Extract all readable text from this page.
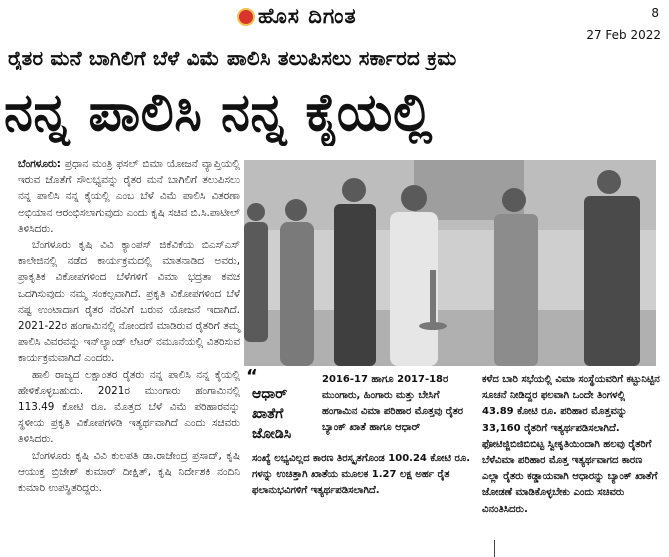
ಹೊಸ ದಿಗಂತ	8
27 Feb 2022
ರೈತರ ಮನೆ ಬಾಗಿಲಿಗೆ ಬೆಳೆ ವಿಮೆ ಪಾಲಿಸಿ ತಲುಪಿಸಲು ಸರ್ಕಾರದ ಕ್ರಮ
ನನ್ನ ಪಾಲಿಸಿ ನನ್ನ ಕೈಯಲ್ಲಿ

ಬೆಂಗಳೂರು: ಪ್ರಧಾನ ಮಂತ್ರಿ ಫಸಲ್ ಬಿಮಾ ಯೋಜನೆ ವ್ಯಾಪ್ತಿಯಲ್ಲಿ ಇರುವ ಜೊತೆಗೆ ಸೌಲಭ್ಯವನ್ನು ರೈತರ ಮನೆ ಬಾಗಿಲಿಗೆ ತಲುಪಿಸಲು ನನ್ನ ಪಾಲಿಸಿ ನನ್ನ ಕೈಯಲ್ಲಿ ಎಂಬ ಬೆಳೆ ವಿಮೆ ಪಾಲಿಸಿ ವಿತರಣಾ ಅಭಿಯಾನ ಆರಂಭಿಸಲಾಗುವುದು ಎಂದು ಕೃಷಿ ಸಚಿವ ಬಿ.ಸಿ.ಪಾಟೀಲ್ ತಿಳಿಸಿದರು.

ಬೆಂಗಳೂರು ಕೃಷಿ ವಿವಿ ಕ್ಯಾಂಪಸ್ ಜಿಕೆವಿಕೆಯ ಬಿಎಸ್‌ಎಸ್ ಕಾಲೇಜಿನಲ್ಲಿ ನಡೆದ ಕಾರ್ಯಕ್ರಮದಲ್ಲಿ ಮಾತನಾಡಿದ ಅವರು, ಪ್ರಾಕೃತಿಕ ವಿಕೋಪಗಳಿಂದ ಬೆಳೆಗಳಿಗೆ ವಿಮಾ ಭದ್ರತಾ ಕವಚ ಒದಗಿಸುವುದು ನಮ್ಮ ಸಂಕಲ್ಪವಾಗಿದೆ. ಪ್ರಕೃತಿ ವಿಕೋಪಗಳಿಂದ ಬೆಳೆ ನಷ್ಟ ಉಂಟಾದಾಗ ರೈತರ ನೆರವಿಗೆ ಬರುವ ಯೋಜನೆ ಇದಾಗಿದೆ. 2021-22ರ ಹಂಗಾಮಿನಲ್ಲಿ ನೋಂದಣಿ ಮಾಡಿರುವ ರೈತರಿಗೆ ತಮ್ಮ ಪಾಲಿಸಿ ವಿವರವನ್ನು ಇನ್‌ಲ್ಯಾಂಡ್ ಲೆಟರ್ ನಮೂನೆಯಲ್ಲಿ ವಿತರಿಸುವ ಕಾರ್ಯಕ್ರಮವಾಗಿದೆ ಎಂದರು.

ಹಾಲಿ ರಾಜ್ಯದ ಲಕ್ಷಾಂತರ ರೈತರು ನನ್ನ ಪಾಲಿಸಿ ನನ್ನ ಕೈಯಲ್ಲಿ ಹೇಳಿಕೊಳ್ಳಬಹುದು. 2021ರ ಮುಂಗಾರು ಹಂಗಾಮಿನಲ್ಲಿ 113.49 ಕೋಟಿ ರೂ. ಮೊತ್ತದ ಬೆಳೆ ವಿಮೆ ಪರಿಹಾರವನ್ನು ಸ್ಥಳೀಯ ಪ್ರಕೃತಿ ವಿಕೋಪಗಳಡಿ ಇತ್ಯರ್ಥವಾಗಿದೆ ಎಂದು ಸಚಿವರು ತಿಳಿಸಿದರು.

ಬೆಂಗಳೂರು ಕೃಷಿ ವಿವಿ ಕುಲಪತಿ ಡಾ.ರಾಜೇಂದ್ರ ಪ್ರಸಾದ್, ಕೃಷಿ ಆಯುಕ್ತ ಬ್ರಿಜೇಶ್ ಕುಮಾರ್ ದೀಕ್ಷಿತ್, ಕೃಷಿ ನಿರ್ದೇಶಕಿ ನಂದಿನಿ ಕುಮಾರಿ ಉಪಸ್ಥಿತರಿದ್ದರು.

“
ಆಧಾರ್
ಖಾತೆಗೆ
ಜೋಡಿಸಿ
2016-17 ಹಾಗೂ 2017-18ರ ಮುಂಗಾರು, ಹಿಂಗಾರು ಮತ್ತು ಬೇಸಿಗೆ ಹಂಗಾಮಿನ ವಿಮಾ ಪರಿಹಾರ ಮೊತ್ತವು ರೈತರ ಬ್ಯಾಂಕ್ ಖಾತೆ ಹಾಗೂ ಆಧಾರ್
ಸಂಖ್ಯೆ ಲಭ್ಯವಿಲ್ಲದ ಕಾರಣ ತಿರಸ್ಕೃತಗೊಂಡ 100.24 ಕೋಟಿ ರೂ. ಗಳನ್ನು ಉಚಿತ್ತಾಗಿ ಖಾತೆಯ ಮೂಲಕ 1.27 ಲಕ್ಷ ಅರ್ಹ ರೈತ ಫಲಾನುಭವಿಗಳಿಗೆ ಇತ್ಯರ್ಥಪಡಿಸಲಾಗಿದೆ.
ಕಳೆದ ಬಾರಿ ಸಭೆಯಲ್ಲಿ ವಿಮಾ ಸಂಸ್ಥೆಯವರಿಗೆ ಕಟ್ಟುನಿಟ್ಟಿನ ಸೂಚನೆ ನೀಡಿದ್ದರ ಫಲವಾಗಿ ಒಂದೇ ತಿಂಗಳಲ್ಲಿ 43.89 ಕೋಟಿ ರೂ. ಪರಿಹಾರ ಮೊತ್ತವನ್ನು 33,160 ರೈತರಿಗೆ ಇತ್ಯರ್ಥಪಡಿಸಲಾಗಿದೆ. ಫೋಟಿಜ್ಜಿಬಿಜಿಬಿಬಿಟ್ಟ ಸ್ವೀಕೃತಿಯಿಂದಾಗಿ ಹಲವು ರೈತರಿಗೆ ಬೆಳೆವಿಮಾ ಪರಿಹಾರ ಮೊತ್ತ ಇತ್ಯರ್ಥವಾಗದ ಕಾರಣ ಎಲ್ಲಾ ರೈತರು ಕಡ್ಡಾಯವಾಗಿ ಆಧಾರನ್ನು ಬ್ಯಾಂಕ್ ಖಾತೆಗೆ ಜೋಡಣೆ ಮಾಡಿಕೊಳ್ಳಬೇಕು ಎಂದು ಸಚಿವರು ವಿನಂತಿಸಿದರು.
